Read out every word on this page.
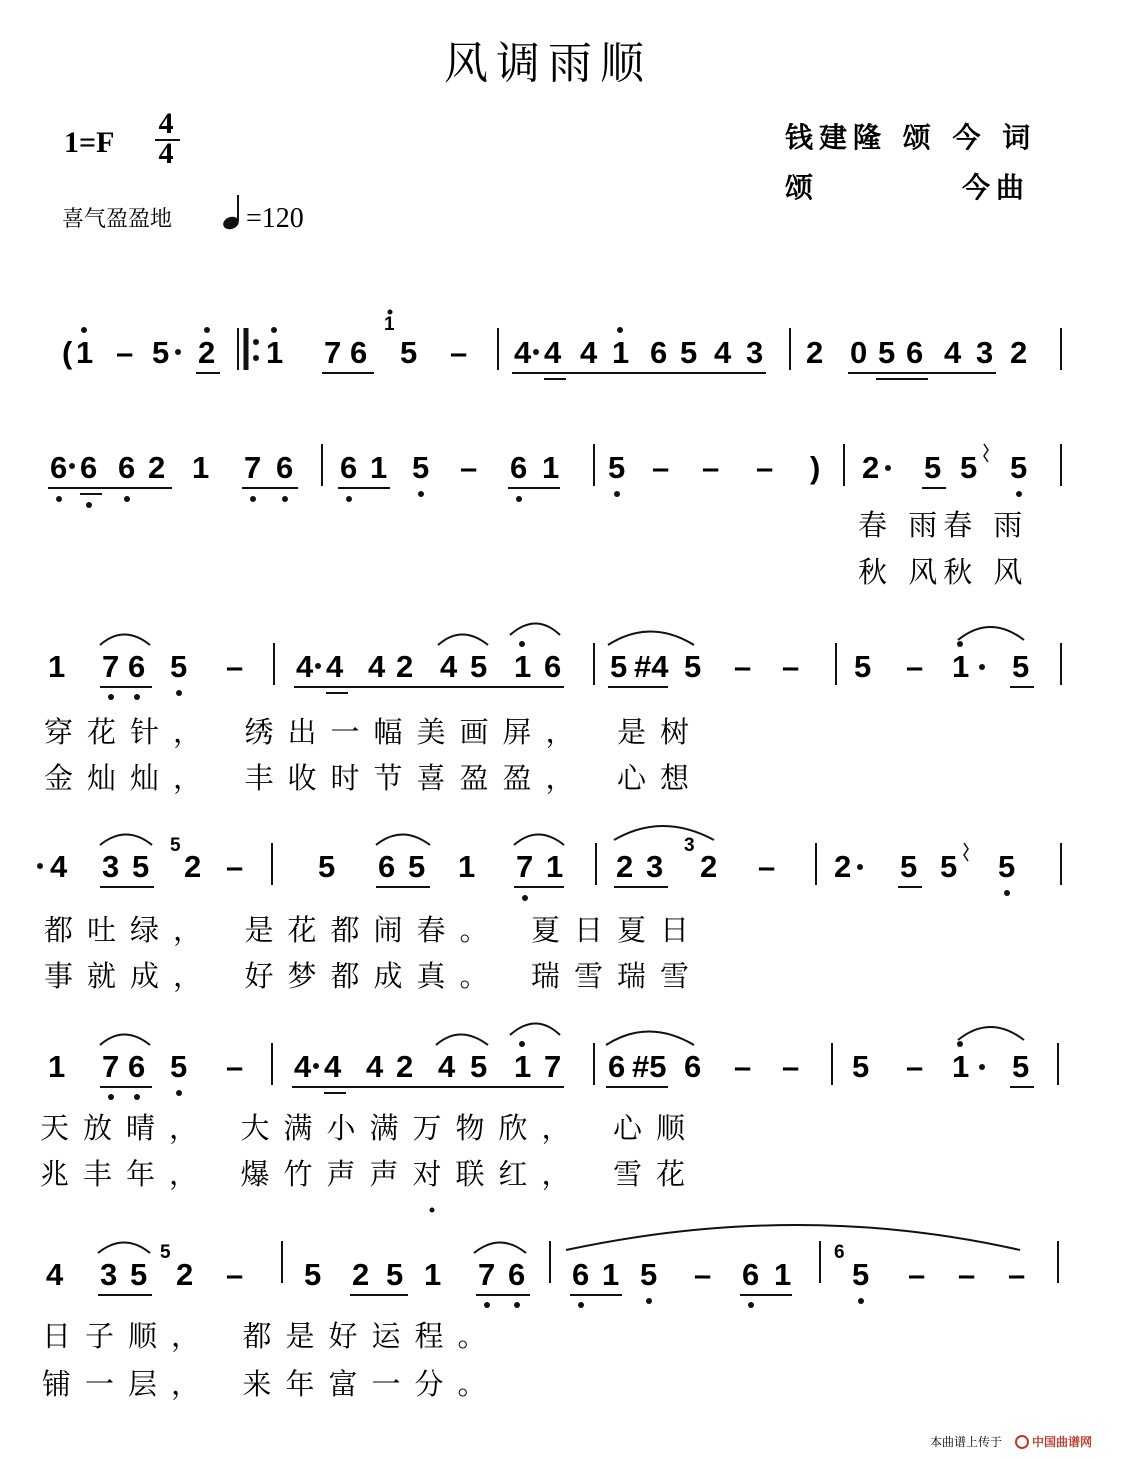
风调雨顺
1=F
4
4	钱建隆 颂 今 词
颂	今曲
喜气盈盈地	=120
( 1 – 5 2 1 7 6
1
5 – 4 4 4 1 6 5 4 3 2 0 5 6 4 3 2
6 6 6 2 1 7 6 6 1 5 – 6 1 5 – – – ) 2 5 5 5
春 雨春 雨
秋 风秋 风
1 7 6 5 – 4 4 4 2 4 5 1 6 5 #4 5 – – 5 – 1 5
穿花针，　绣出一幅美画屏，　是树
金灿灿，　丰收时节喜盈盈，　心想
4 3 5
5
2 – 5 6 5 1 7 1 2 3
3
2 – 2 5 5 5
都吐绿，　是花都闹春。　夏日夏日
事就成，　好梦都成真。　瑞雪瑞雪
1 7 6 5 – 4 4 4 2 4 5 1 7 6 #5 6 – – 5 – 1 5
天放晴，　大满小满万物欣，　心顺
兆丰年，　爆竹声声对联红，　雪花
4 3 5
5
2 – 5 2 5 1 7 6 6 1 5 – 6 1
6
5 – – –
日子顺，　都是好运程。
铺一层，　来年富一分。
本曲谱上传于 中国曲谱网
